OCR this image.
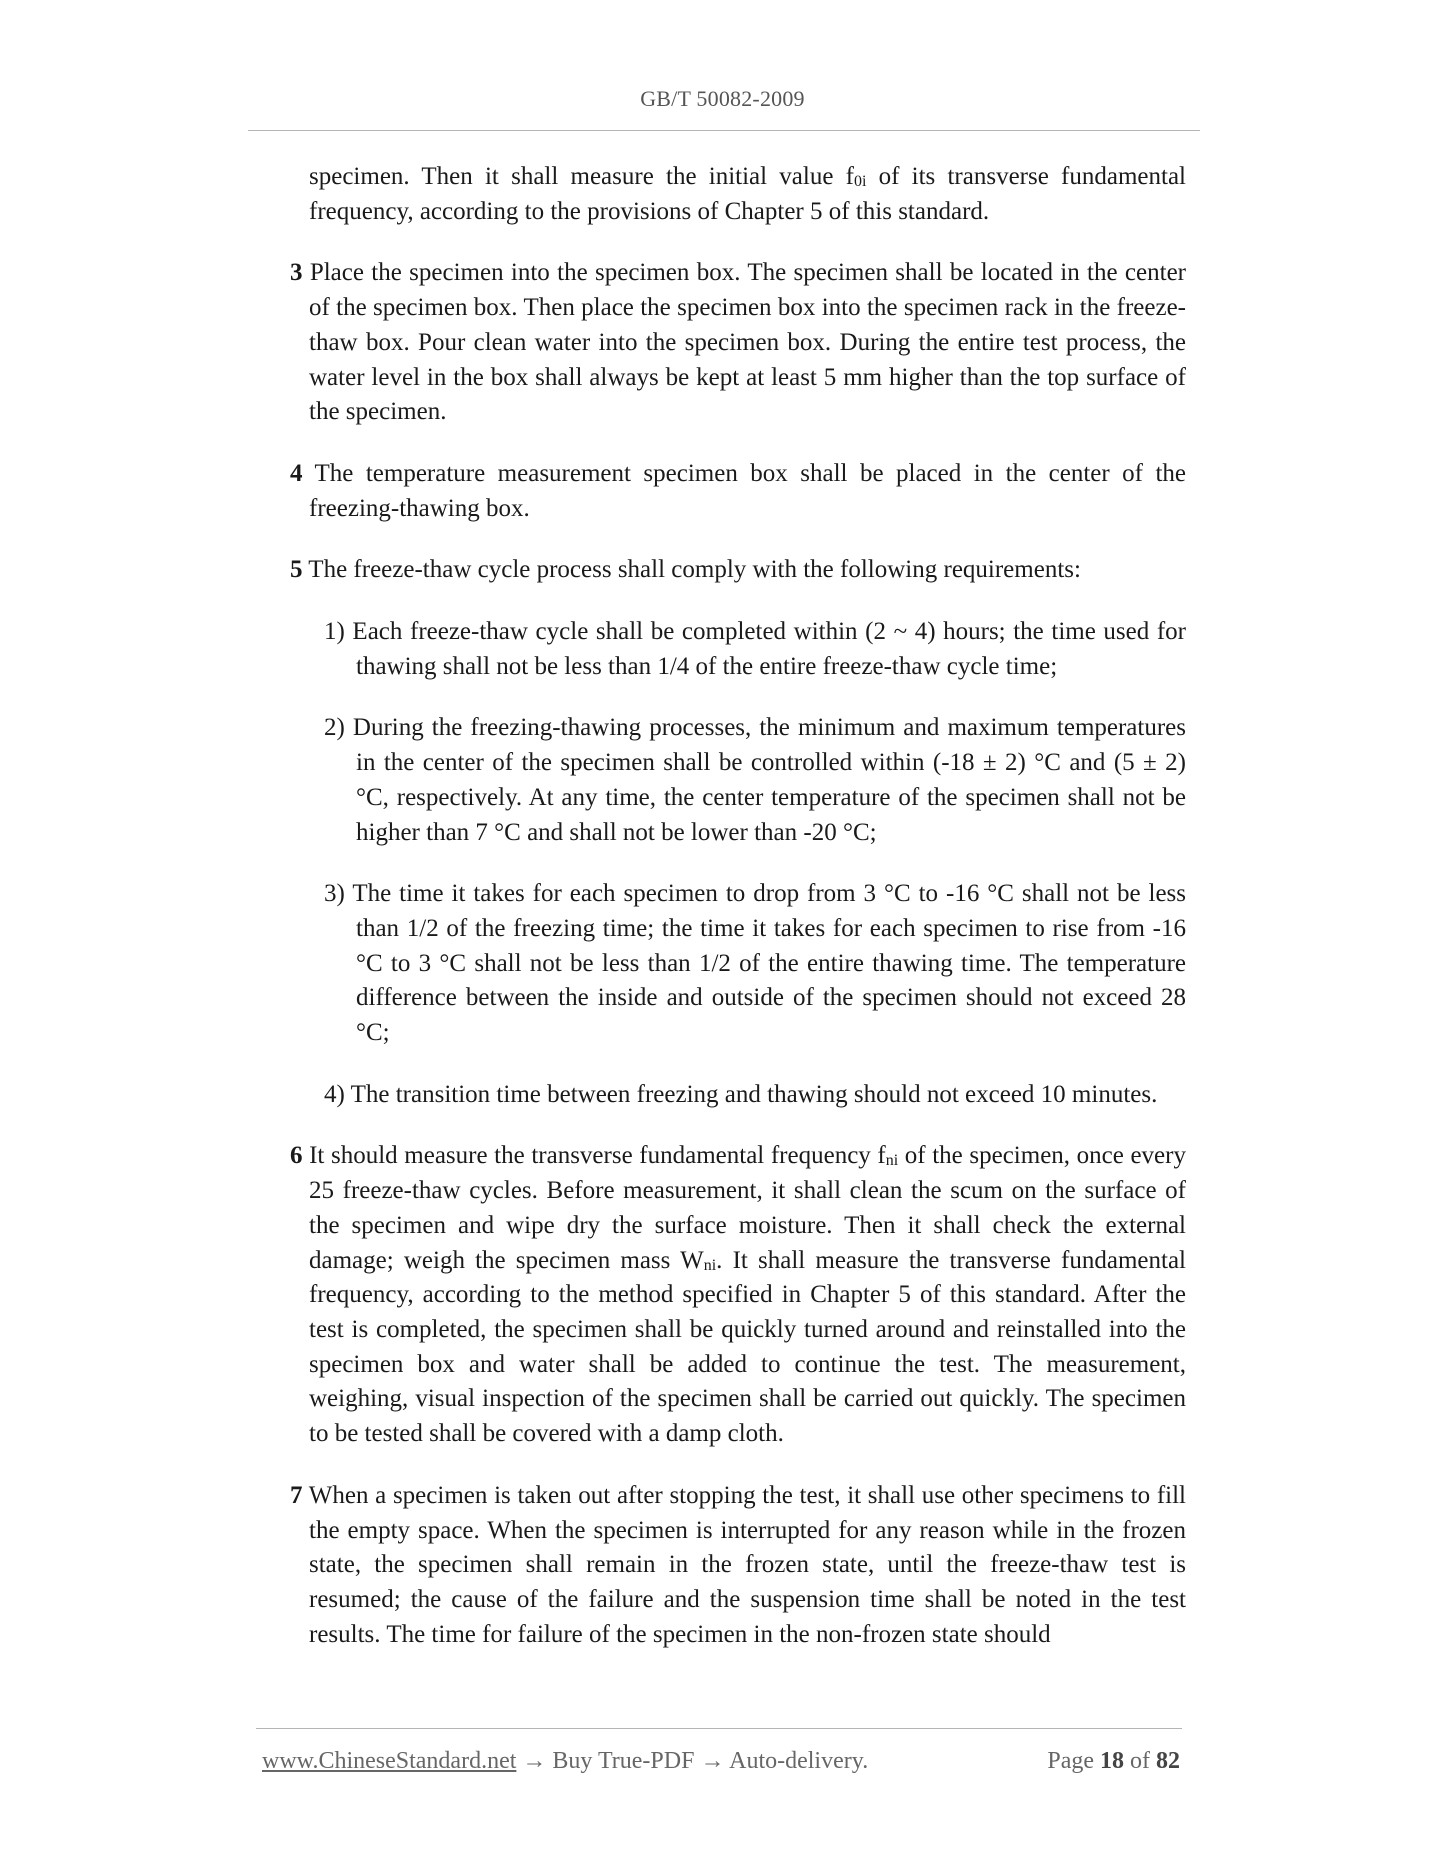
GB/T 50082-2009

specimen. Then it shall measure the initial value $f_{0i}$ of its transverse fundamental frequency, according to the provisions of Chapter 5 of this standard.

3 Place the specimen into the specimen box. The specimen shall be located in the center of the specimen box. Then place the specimen box into the specimen rack in the freeze-thaw box. Pour clean water into the specimen box. During the entire test process, the water level in the box shall always be kept at least 5 mm higher than the top surface of the specimen.

4 The temperature measurement specimen box shall be placed in the center of the freezing-thawing box.

5 The freeze-thaw cycle process shall comply with the following requirements:

1) Each freeze-thaw cycle shall be completed within (2 ~ 4) hours; the time used for thawing shall not be less than 1/4 of the entire freeze-thaw cycle time;

2) During the freezing-thawing processes, the minimum and maximum temperatures in the center of the specimen shall be controlled within (-18 ± 2) °C and (5 ± 2) °C, respectively. At any time, the center temperature of the specimen shall not be higher than 7 °C and shall not be lower than -20 °C;

3) The time it takes for each specimen to drop from 3 °C to -16 °C shall not be less than 1/2 of the freezing time; the time it takes for each specimen to rise from -16 °C to 3 °C shall not be less than 1/2 of the entire thawing time. The temperature difference between the inside and outside of the specimen should not exceed 28 °C;

4) The transition time between freezing and thawing should not exceed 10 minutes.

6 It should measure the transverse fundamental frequency $f_{ni}$ of the specimen, once every 25 freeze-thaw cycles. Before measurement, it shall clean the scum on the surface of the specimen and wipe dry the surface moisture. Then it shall check the external damage; weigh the specimen mass $W_{ni}$. It shall measure the transverse fundamental frequency, according to the method specified in Chapter 5 of this standard. After the test is completed, the specimen shall be quickly turned around and reinstalled into the specimen box and water shall be added to continue the test. The measurement, weighing, visual inspection of the specimen shall be carried out quickly. The specimen to be tested shall be covered with a damp cloth.

7 When a specimen is taken out after stopping the test, it shall use other specimens to fill the empty space. When the specimen is interrupted for any reason while in the frozen state, the specimen shall remain in the frozen state, until the freeze-thaw test is resumed; the cause of the failure and the suspension time shall be noted in the test results. The time for failure of the specimen in the non-frozen state should

www.ChineseStandard.net → Buy True-PDF → Auto-delivery.	Page 18 of 82
